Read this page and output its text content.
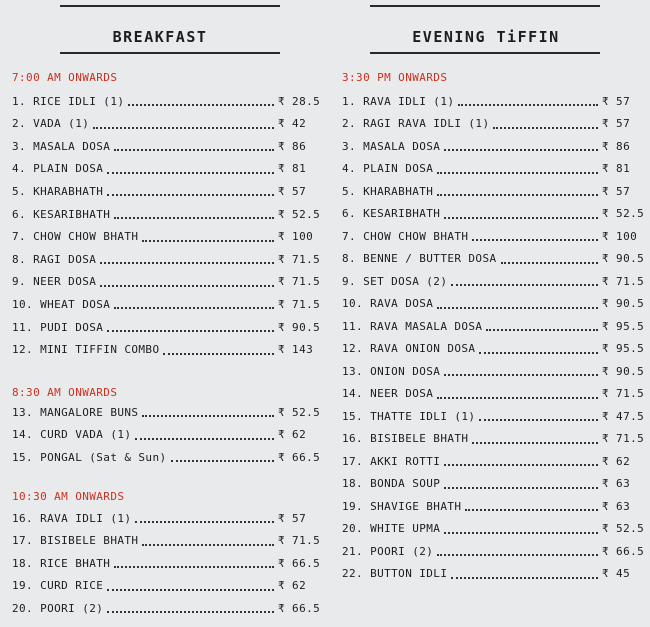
BREAKFAST
7:00 AM ONWARDS
1. RICE IDLI (1)	₹ 28.5
2. VADA (1)	₹ 42
3. MASALA DOSA	₹ 86
4. PLAIN DOSA	₹ 81
5. KHARABHATH	₹ 57
6. KESARIBHATH	₹ 52.5
7. CHOW CHOW BHATH	₹ 100
8. RAGI DOSA	₹ 71.5
9. NEER DOSA	₹ 71.5
10. WHEAT DOSA	₹ 71.5
11. PUDI DOSA	₹ 90.5
12. MINI TIFFIN COMBO	₹ 143
8:30 AM ONWARDS
13. MANGALORE BUNS	₹ 52.5
14. CURD VADA (1)	₹ 62
15. PONGAL (Sat & Sun)	₹ 66.5
10:30 AM ONWARDS
16. RAVA IDLI (1)	₹ 57
17. BISIBELE BHATH	₹ 71.5
18. RICE BHATH	₹ 66.5
19. CURD RICE	₹ 62
20. POORI (2)	₹ 66.5
EVENING TiFFIN
3:30 PM ONWARDS
1. RAVA IDLI (1)	₹ 57
2. RAGI RAVA IDLI (1)	₹ 57
3. MASALA DOSA	₹ 86
4. PLAIN DOSA	₹ 81
5. KHARABHATH	₹ 57
6. KESARIBHATH	₹ 52.5
7. CHOW CHOW BHATH	₹ 100
8. BENNE / BUTTER DOSA	₹ 90.5
9. SET DOSA (2)	₹ 71.5
10. RAVA DOSA	₹ 90.5
11. RAVA MASALA DOSA	₹ 95.5
12. RAVA ONION DOSA	₹ 95.5
13. ONION DOSA	₹ 90.5
14. NEER DOSA	₹ 71.5
15. THATTE IDLI (1)	₹ 47.5
16. BISIBELE BHATH	₹ 71.5
17. AKKI ROTTI	₹ 62
18. BONDA SOUP	₹ 63
19. SHAVIGE BHATH	₹ 63
20. WHITE UPMA	₹ 52.5
21. POORI (2)	₹ 66.5
22. BUTTON IDLI	₹ 45
